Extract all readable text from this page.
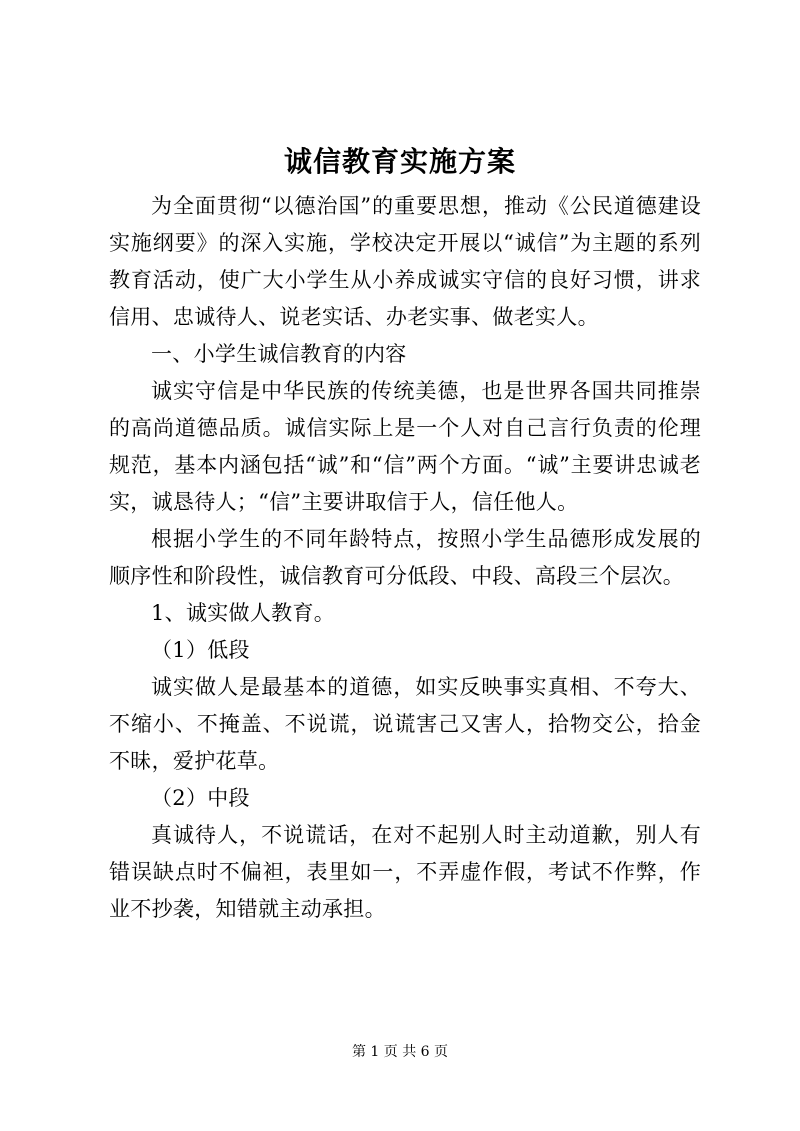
诚信教育实施方案

为全面贯彻“以德治国”的重要思想，推动《公民道德建设实施纲要》的深入实施，学校决定开展以“诚信”为主题的系列教育活动，使广大小学生从小养成诚实守信的良好习惯，讲求信用、忠诚待人、说老实话、办老实事、做老实人。

一、小学生诚信教育的内容

诚实守信是中华民族的传统美德，也是世界各国共同推崇的高尚道德品质。诚信实际上是一个人对自己言行负责的伦理规范，基本内涵包括“诚”和“信”两个方面。“诚”主要讲忠诚老实，诚恳待人；“信”主要讲取信于人，信任他人。

根据小学生的不同年龄特点，按照小学生品德形成发展的顺序性和阶段性，诚信教育可分低段、中段、高段三个层次。

1、诚实做人教育。

（1）低段

诚实做人是最基本的道德，如实反映事实真相、不夸大、不缩小、不掩盖、不说谎，说谎害己又害人，拾物交公，拾金不昧，爱护花草。

（2）中段

真诚待人，不说谎话，在对不起别人时主动道歉，别人有错误缺点时不偏袒，表里如一，不弄虚作假，考试不作弊，作业不抄袭，知错就主动承担。

第 1 页 共 6 页
